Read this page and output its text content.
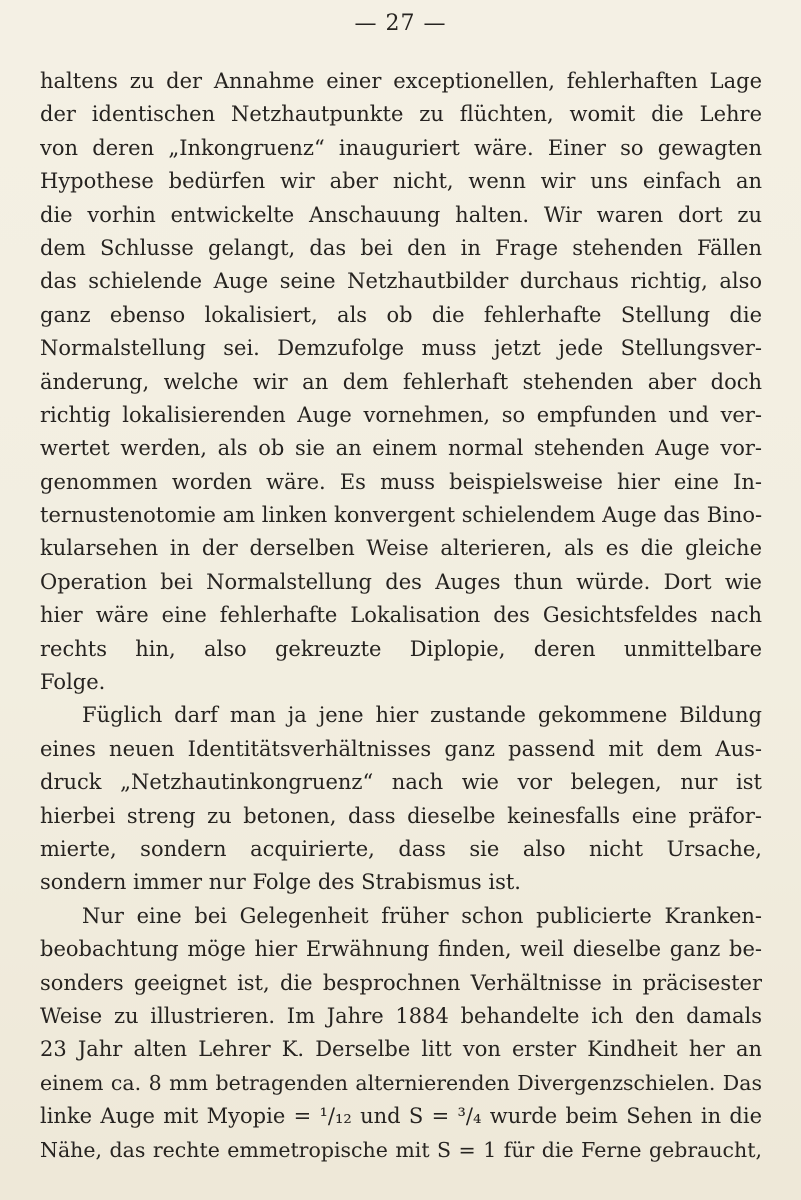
— 27 —
haltens zu der Annahme einer exceptionellen, fehlerhaften Lage
der identischen Netzhautpunkte zu flüchten, womit die Lehre
von deren „Inkongruenz“ inauguriert wäre. Einer so gewagten
Hypothese bedürfen wir aber nicht, wenn wir uns einfach an
die vorhin entwickelte Anschauung halten. Wir waren dort zu
dem Schlusse gelangt, das bei den in Frage stehenden Fällen
das schielende Auge seine Netzhautbilder durchaus richtig, also
ganz ebenso lokalisiert, als ob die fehlerhafte Stellung die
Normalstellung sei. Demzufolge muss jetzt jede Stellungsver-
änderung, welche wir an dem fehlerhaft stehenden aber doch
richtig lokalisierenden Auge vornehmen, so empfunden und ver-
wertet werden, als ob sie an einem normal stehenden Auge vor-
genommen worden wäre. Es muss beispielsweise hier eine In-
ternustenotomie am linken konvergent schielendem Auge das Bino-
kularsehen in der derselben Weise alterieren, als es die gleiche
Operation bei Normalstellung des Auges thun würde. Dort wie
hier wäre eine fehlerhafte Lokalisation des Gesichtsfeldes nach
rechts hin, also gekreuzte Diplopie, deren unmittelbare
Folge.
Füglich darf man ja jene hier zustande gekommene Bildung
eines neuen Identitätsverhältnisses ganz passend mit dem Aus-
druck „Netzhautinkongruenz“ nach wie vor belegen, nur ist
hierbei streng zu betonen, dass dieselbe keinesfalls eine präfor-
mierte, sondern acquirierte, dass sie also nicht Ursache,
sondern immer nur Folge des Strabismus ist.
Nur eine bei Gelegenheit früher schon publicierte Kranken-
beobachtung möge hier Erwähnung finden, weil dieselbe ganz be-
sonders geeignet ist, die besprochnen Verhältnisse in präcisester
Weise zu illustrieren. Im Jahre 1884 behandelte ich den damals
23 Jahr alten Lehrer K. Derselbe litt von erster Kindheit her an
einem ca. 8 mm betragenden alternierenden Divergenzschielen. Das
linke Auge mit Myopie = ¹/₁₂ und S = ³/₄ wurde beim Sehen in die
Nähe, das rechte emmetropische mit S = 1 für die Ferne gebraucht,
